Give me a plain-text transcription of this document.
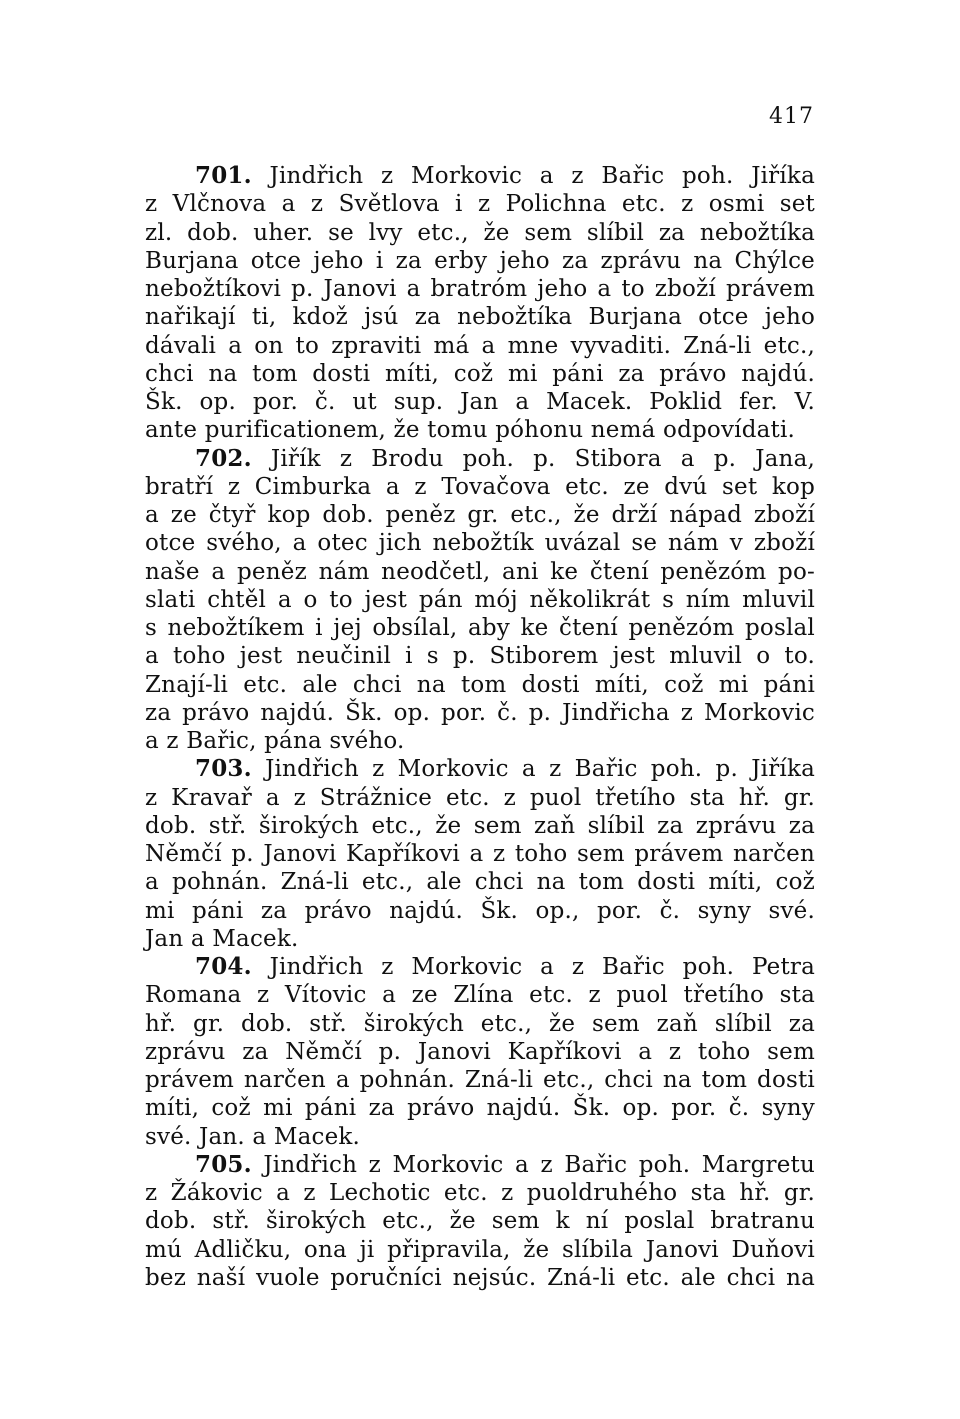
417
701. Jindřich z Morkovic a z Bařic poh. Jiříka
z Vlčnova a z Světlova i z Polichna etc. z osmi set
zl. dob. uher. se lvy etc., že sem slíbil za nebožtíka
Burjana otce jeho i za erby jeho za zprávu na Chýlce
nebožtíkovi p. Janovi a bratróm jeho a to zboží právem
nařikají ti, kdož jsú za nebožtíka Burjana otce jeho
dávali a on to zpraviti má a mne vyvaditi. Zná-li etc.,
chci na tom dosti míti, což mi páni za právo najdú.
Šk. op. por. č. ut sup. Jan a Macek. Poklid fer. V.
ante purificationem, že tomu póhonu nemá odpovídati.
702. Jiřík z Brodu poh. p. Stibora a p. Jana,
bratří z Cimburka a z Tovačova etc. ze dvú set kop
a ze čtyř kop dob. peněz gr. etc., že drží nápad zboží
otce svého, a otec jich nebožtík uvázal se nám v zboží
naše a peněz nám neodčetl, ani ke čtení penězóm po-
slati chtěl a o to jest pán mój několikrát s ním mluvil
s nebožtíkem i jej obsílal, aby ke čtení penězóm poslal
a toho jest neučinil i s p. Stiborem jest mluvil o to.
Znají-li etc. ale chci na tom dosti míti, což mi páni
za právo najdú. Šk. op. por. č. p. Jindřicha z Morkovic
a z Bařic, pána svého.
703. Jindřich z Morkovic a z Bařic poh. p. Jiříka
z Kravař a z Strážnice etc. z puol třetího sta hř. gr.
dob. stř. širokých etc., že sem zaň slíbil za zprávu za
Němčí p. Janovi Kapříkovi a z toho sem právem narčen
a pohnán. Zná-li etc., ale chci na tom dosti míti, což
mi páni za právo najdú. Šk. op., por. č. syny své.
Jan a Macek.
704. Jindřich z Morkovic a z Bařic poh. Petra
Romana z Vítovic a ze Zlína etc. z puol třetího sta
hř. gr. dob. stř. širokých etc., že sem zaň slíbil za
zprávu za Němčí p. Janovi Kapříkovi a z toho sem
právem narčen a pohnán. Zná-li etc., chci na tom dosti
míti, což mi páni za právo najdú. Šk. op. por. č. syny
své. Jan. a Macek.
705. Jindřich z Morkovic a z Bařic poh. Margretu
z Žákovic a z Lechotic etc. z puoldruhého sta hř. gr.
dob. stř. širokých etc., že sem k ní poslal bratranu
mú Adličku, ona ji připravila, že slíbila Janovi Duňovi
bez naší vuole poručníci nejsúc. Zná-li etc. ale chci na
